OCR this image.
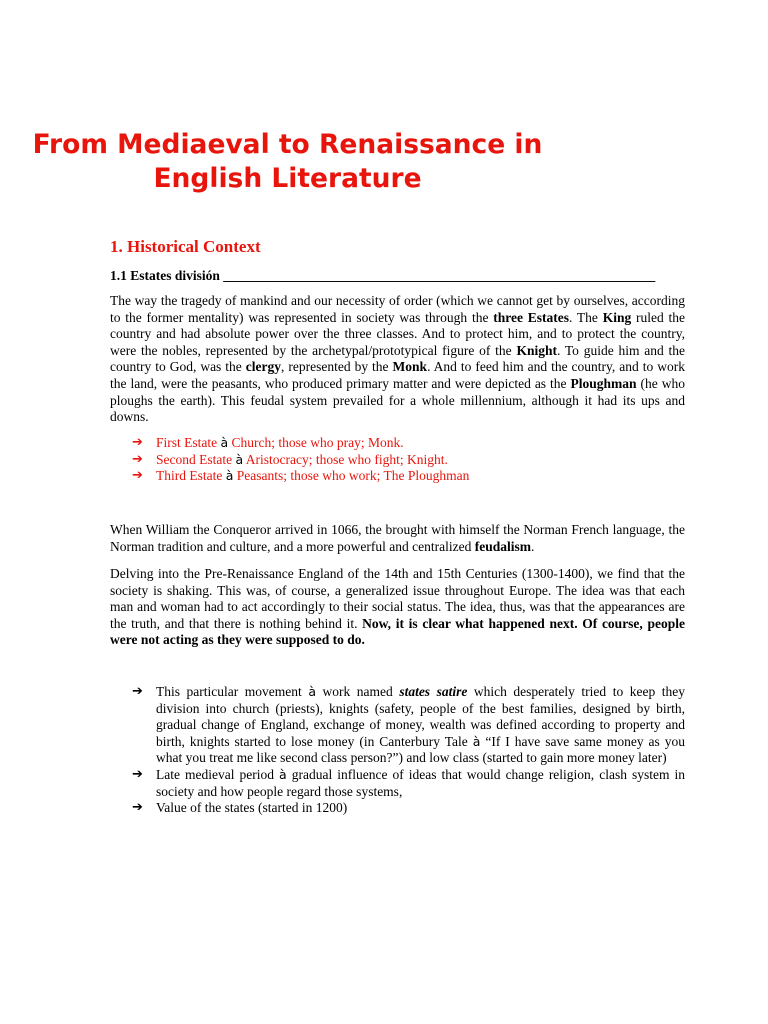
From Mediaeval to Renaissance in English Literature
1. Historical Context
1.1 Estates división ________________________________________________________________
The way the tragedy of mankind and our necessity of order (which we cannot get by ourselves, according to the former mentality) was represented in society was through the three Estates. The King ruled the country and had absolute power over the three classes. And to protect him, and to protect the country, were the nobles, represented by the archetypal/prototypical figure of the Knight. To guide him and the country to God, was the clergy, represented by the Monk. And to feed him and the country, and to work the land, were the peasants, who produced primary matter and were depicted as the Ploughman (he who ploughs the earth). This feudal system prevailed for a whole millennium, although it had its ups and downs.
➔ First Estate à Church; those who pray; Monk.
➔ Second Estate à Aristocracy; those who fight; Knight.
➔ Third Estate à Peasants; those who work; The Ploughman
When William the Conqueror arrived in 1066, the brought with himself the Norman French language, the Norman tradition and culture, and a more powerful and centralized feudalism.
Delving into the Pre-Renaissance England of the 14th and 15th Centuries (1300-1400), we find that the society is shaking. This was, of course, a generalized issue throughout Europe. The idea was that each man and woman had to act accordingly to their social status. The idea, thus, was that the appearances are the truth, and that there is nothing behind it. Now, it is clear what happened next. Of course, people were not acting as they were supposed to do.
➔ This particular movement à work named states satire which desperately tried to keep they division into church (priests), knights (safety, people of the best families, designed by birth, gradual change of England, exchange of money, wealth was defined according to property and birth, knights started to lose money (in Canterbury Tale à “If I have save same money as you what you treat me like second class person?”) and low class (started to gain more money later)
➔ Late medieval period à gradual influence of ideas that would change religion, clash system in society and how people regard those systems,
➔ Value of the states (started in 1200)
